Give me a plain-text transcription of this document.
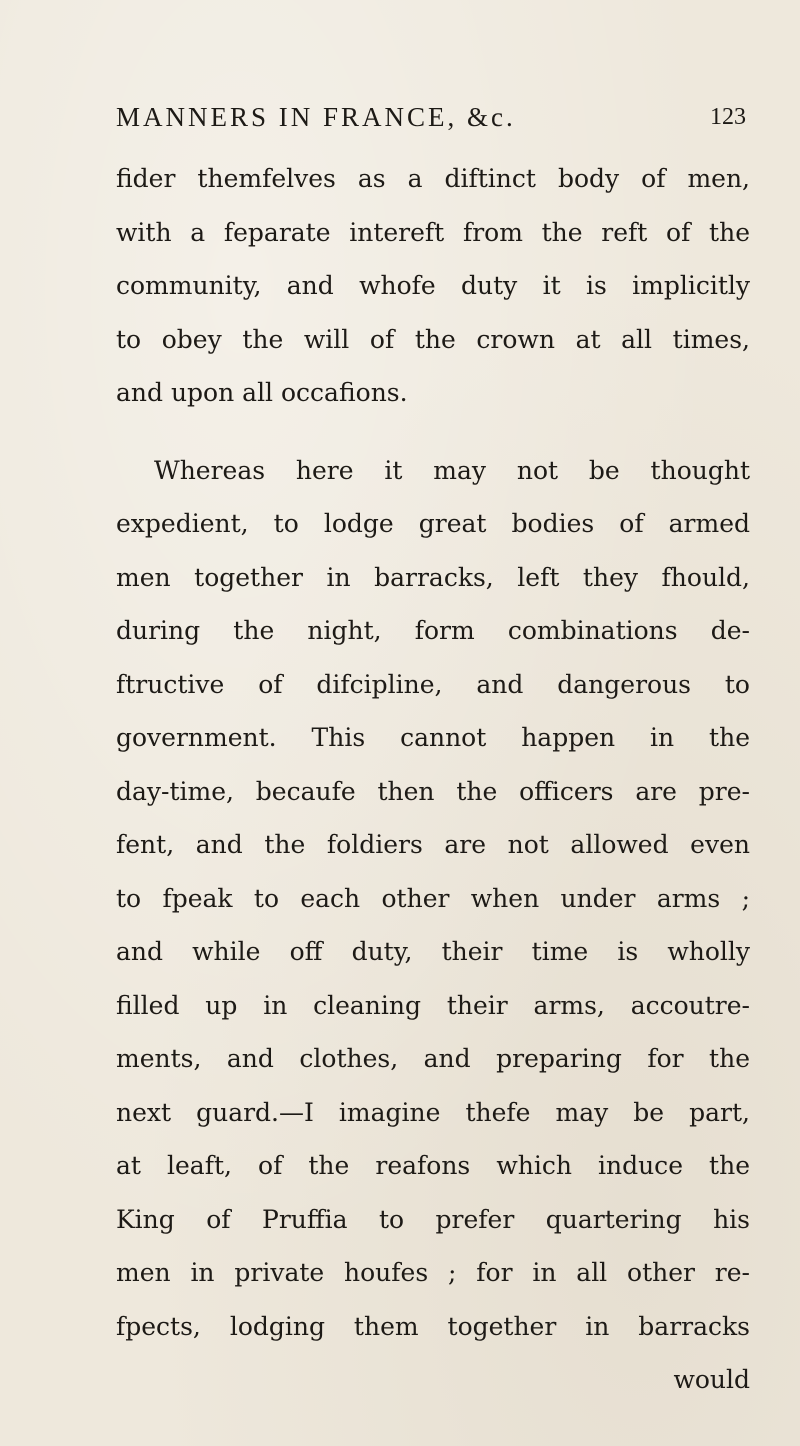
MANNERS IN FRANCE, &c.	123
fider themfelves as a diftinct body of men,
with a feparate intereft from the reft of the
community, and whofe duty it is implicitly
to obey the will of the crown at all times,
and upon all occafions.
Whereas here it may not be thought
expedient, to lodge great bodies of armed
men together in barracks, left they fhould,
during the night, form combinations de-
ftructive of difcipline, and dangerous to
government. This cannot happen in the
day-time, becaufe then the officers are pre-
fent, and the foldiers are not allowed even
to fpeak to each other when under arms ;
and while off duty, their time is wholly
filled up in cleaning their arms, accoutre-
ments, and clothes, and preparing for the
next guard.—I imagine thefe may be part,
at leaft, of the reafons which induce the
King of Pruffia to prefer quartering his
men in private houfes ; for in all other re-
fpects, lodging them together in barracks
would
